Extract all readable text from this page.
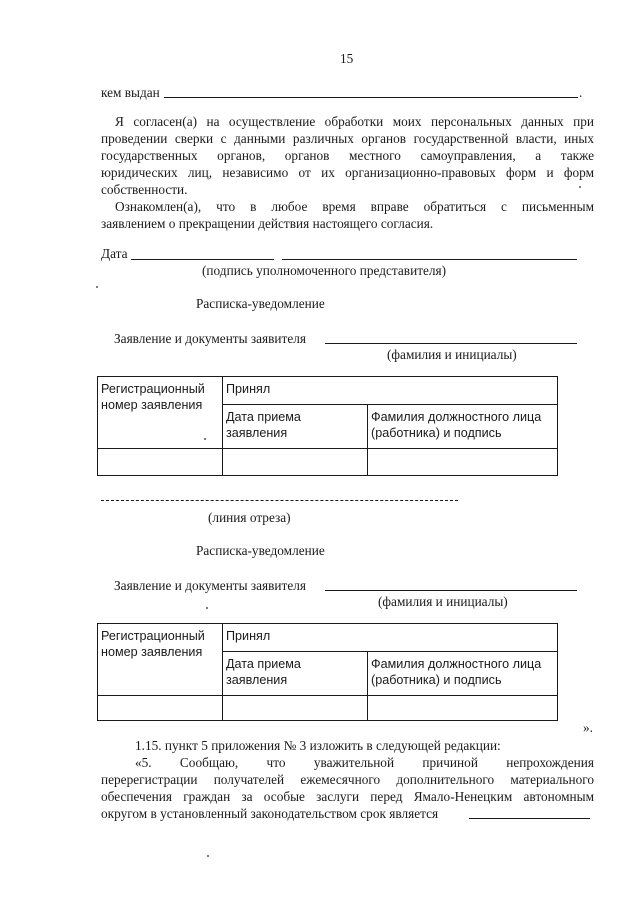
15
кем выдан	.
Я согласен(а) на осуществление обработки моих персональных данных при
проведении сверки с данными различных органов государственной власти, иных
государственных органов, органов местного самоуправления, а также
юридических лиц, независимо от их организационно-правовых форм и форм
собственности.
Ознакомлен(а), что в любое время вправе обратиться с письменным
заявлением о прекращении действия настоящего согласия.
Дата
(подпись уполномоченного представителя)
Расписка-уведомление
Заявление и документы заявителя
(фамилия и инициалы)
Регистрационный номер заявления	Принял	
	Дата приема заявления	Фамилия должностного лица (работника) и подпись

(линия отреза)
Расписка-уведомление
Заявление и документы заявителя
(фамилия и инициалы)
Регистрационный номер заявления	Принял	
	Дата приема заявления	Фамилия должностного лица (работника) и подпись

».
1.15. пункт 5 приложения № 3 изложить в следующей редакции:
«5. Сообщаю, что уважительной причиной непрохождения
перерегистрации получателей ежемесячного дополнительного материального
обеспечения граждан за особые заслуги перед Ямало-Ненецким автономным
округом в установленный законодательством срок является
